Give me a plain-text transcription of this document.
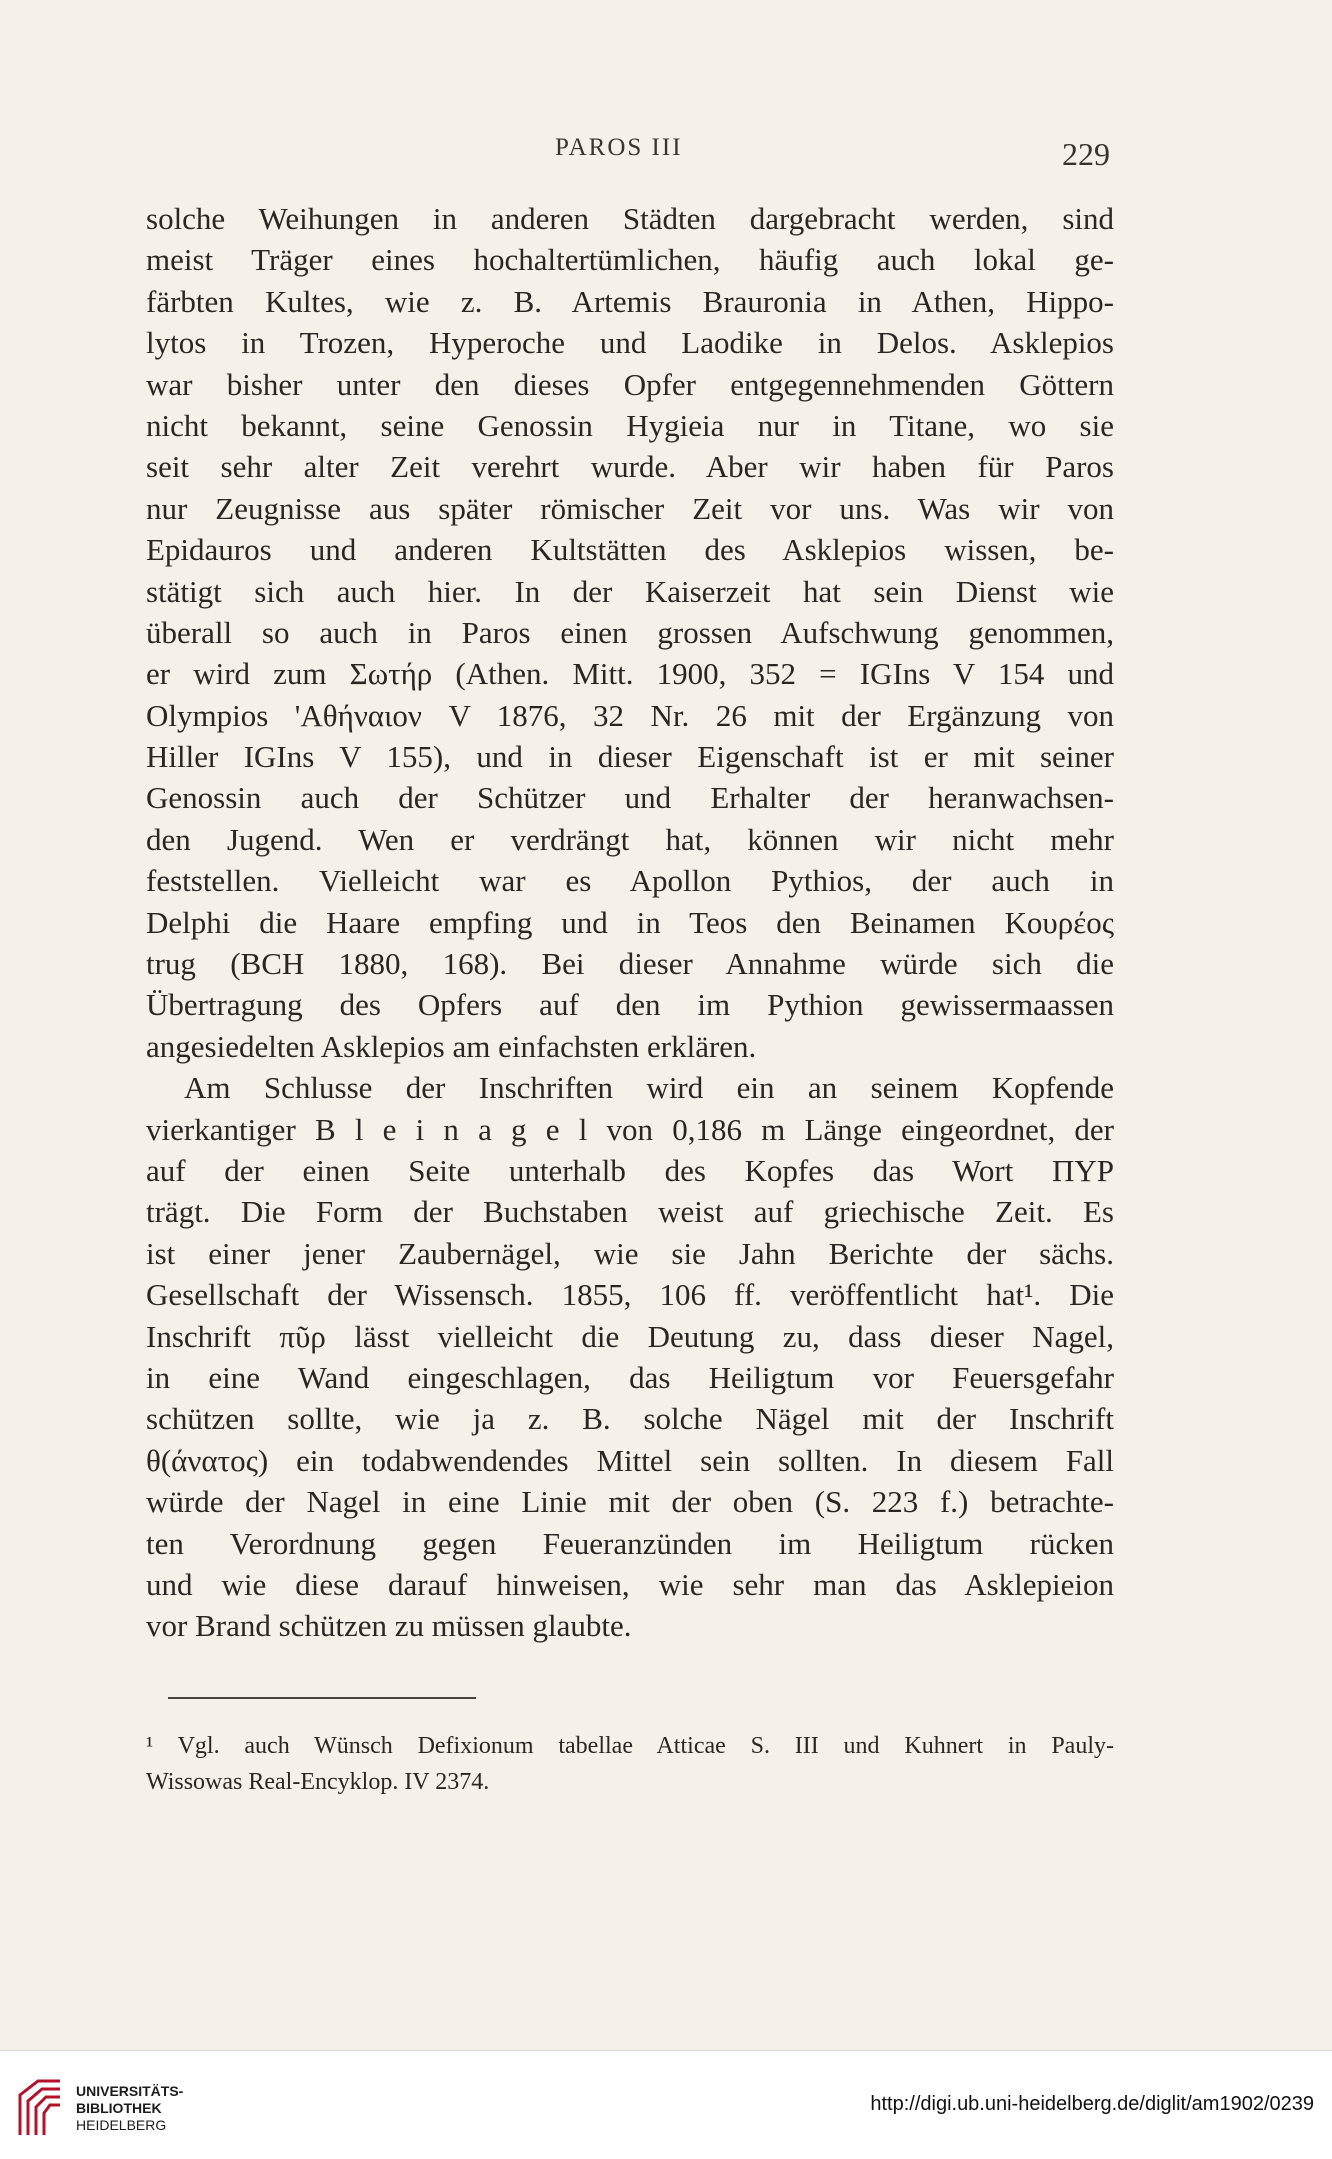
PAROS III	229
solche Weihungen in anderen Städten dargebracht werden, sind
meist Träger eines hochaltertümlichen, häufig auch lokal ge-
färbten Kultes, wie z. B. Artemis Brauronia in Athen, Hippo-
lytos in Trozen, Hyperoche und Laodike in Delos. Asklepios
war bisher unter den dieses Opfer entgegennehmenden Göttern
nicht bekannt, seine Genossin Hygieia nur in Titane, wo sie
seit sehr alter Zeit verehrt wurde. Aber wir haben für Paros
nur Zeugnisse aus später römischer Zeit vor uns. Was wir von
Epidauros und anderen Kultstätten des Asklepios wissen, be-
stätigt sich auch hier. In der Kaiserzeit hat sein Dienst wie
überall so auch in Paros einen grossen Aufschwung genommen,
er wird zum Σωτήρ (Athen. Mitt. 1900, 352 = IGIns V 154 und
Olympios 'Αθήναιον V 1876, 32 Nr. 26 mit der Ergänzung von
Hiller IGIns V 155), und in dieser Eigenschaft ist er mit seiner
Genossin auch der Schützer und Erhalter der heranwachsen-
den Jugend. Wen er verdrängt hat, können wir nicht mehr
feststellen. Vielleicht war es Apollon Pythios, der auch in
Delphi die Haare empfing und in Teos den Beinamen Κουρέος
trug (BCH 1880, 168). Bei dieser Annahme würde sich die
Übertragung des Opfers auf den im Pythion gewissermaassen
angesiedelten Asklepios am einfachsten erklären.
Am Schlusse der Inschriften wird ein an seinem Kopfende
vierkantiger B l e i n a g e l von 0,186 m Länge eingeordnet, der
auf der einen Seite unterhalb des Kopfes das Wort ΠΥΡ
trägt. Die Form der Buchstaben weist auf griechische Zeit. Es
ist einer jener Zaubernägel, wie sie Jahn Berichte der sächs.
Gesellschaft der Wissensch. 1855, 106 ff. veröffentlicht hat¹. Die
Inschrift πῦρ lässt vielleicht die Deutung zu, dass dieser Nagel,
in eine Wand eingeschlagen, das Heiligtum vor Feuersgefahr
schützen sollte, wie ja z. B. solche Nägel mit der Inschrift
θ(άνατος) ein todabwendendes Mittel sein sollten. In diesem Fall
würde der Nagel in eine Linie mit der oben (S. 223 f.) betrachte-
ten Verordnung gegen Feueranzünden im Heiligtum rücken
und wie diese darauf hinweisen, wie sehr man das Asklepieion
vor Brand schützen zu müssen glaubte.
¹ Vgl. auch Wünsch Defixionum tabellae Atticae S. III und Kuhnert in Pauly-
Wissowas Real-Encyklop. IV 2374.
UNIVERSITÄTS-
BIBLIOTHEK
HEIDELBERG
http://digi.ub.uni-heidelberg.de/diglit/am1902/0239
